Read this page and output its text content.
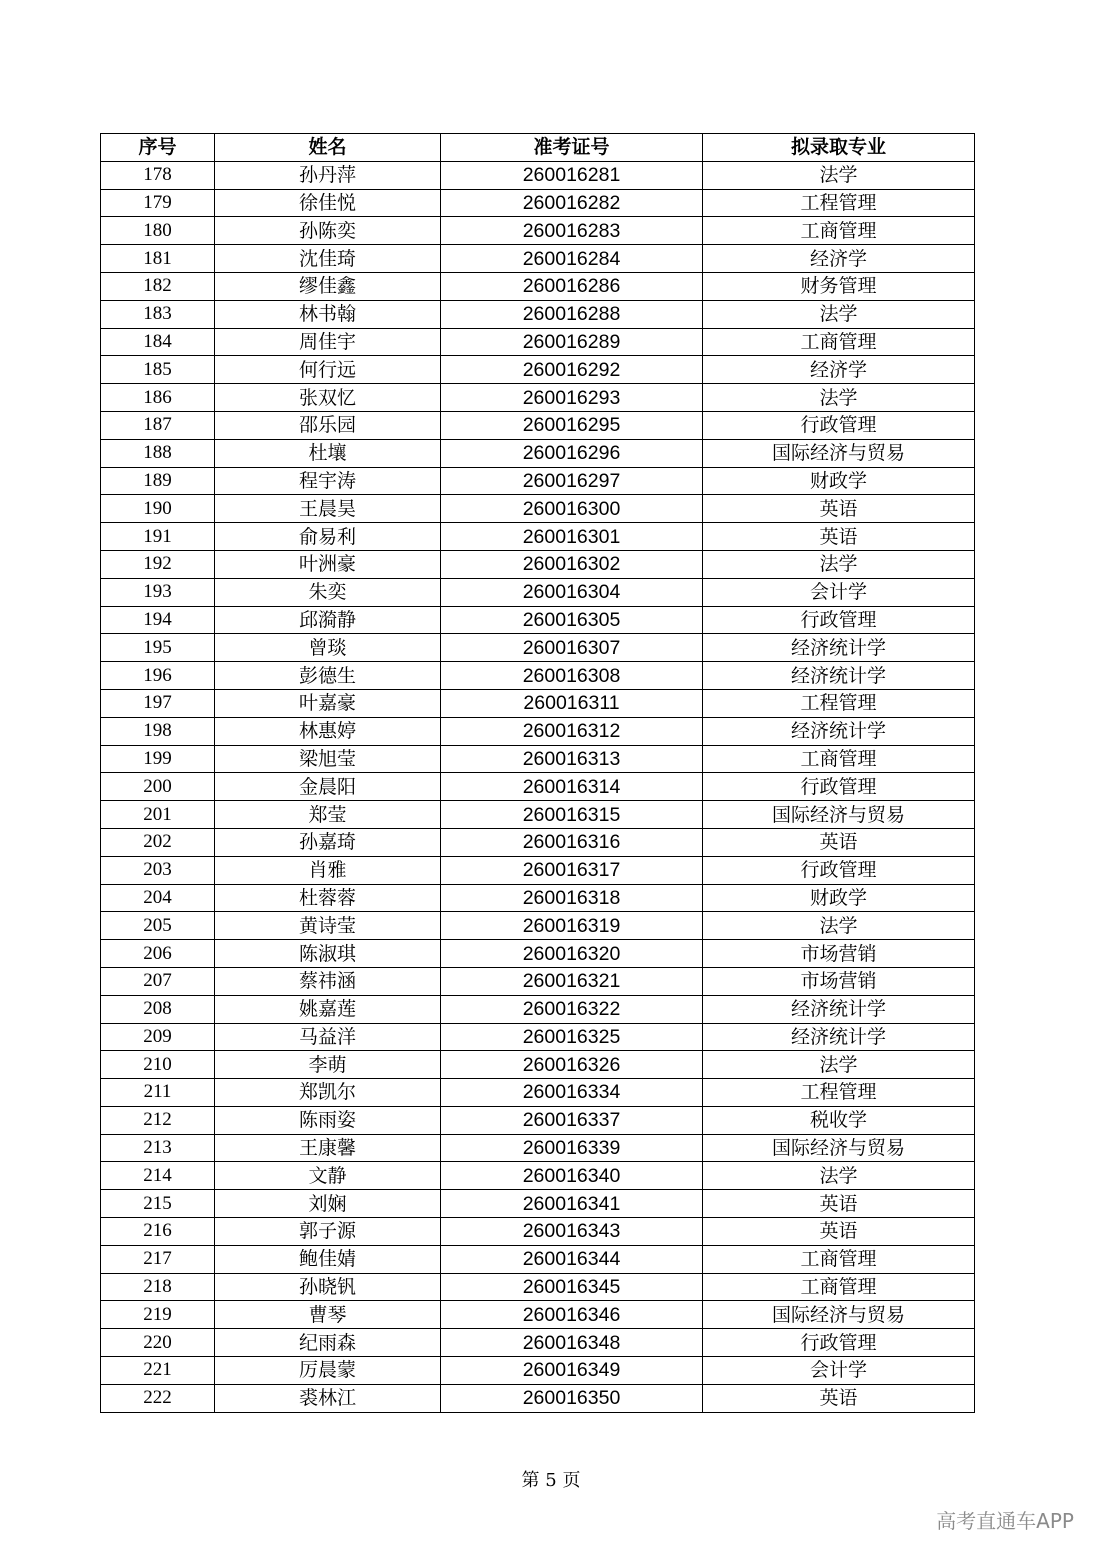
序号	姓名	准考证号	拟录取专业
178	孙丹萍	260016281	法学
179	徐佳悦	260016282	工程管理
180	孙陈奕	260016283	工商管理
181	沈佳琦	260016284	经济学
182	缪佳鑫	260016286	财务管理
183	林书翰	260016288	法学
184	周佳宇	260016289	工商管理
185	何行远	260016292	经济学
186	张双忆	260016293	法学
187	邵乐园	260016295	行政管理
188	杜壤	260016296	国际经济与贸易
189	程宇涛	260016297	财政学
190	王晨昊	260016300	英语
191	俞易利	260016301	英语
192	叶洲豪	260016302	法学
193	朱奕	260016304	会计学
194	邱漪静	260016305	行政管理
195	曾琰	260016307	经济统计学
196	彭德生	260016308	经济统计学
197	叶嘉豪	260016311	工程管理
198	林惠婷	260016312	经济统计学
199	梁旭莹	260016313	工商管理
200	金晨阳	260016314	行政管理
201	郑莹	260016315	国际经济与贸易
202	孙嘉琦	260016316	英语
203	肖雅	260016317	行政管理
204	杜蓉蓉	260016318	财政学
205	黄诗莹	260016319	法学
206	陈淑琪	260016320	市场营销
207	蔡祎涵	260016321	市场营销
208	姚嘉莲	260016322	经济统计学
209	马益洋	260016325	经济统计学
210	李萌	260016326	法学
211	郑凯尔	260016334	工程管理
212	陈雨姿	260016337	税收学
213	王康馨	260016339	国际经济与贸易
214	文静	260016340	法学
215	刘娴	260016341	英语
216	郭子源	260016343	英语
217	鲍佳婧	260016344	工商管理
218	孙晓钒	260016345	工商管理
219	曹琴	260016346	国际经济与贸易
220	纪雨森	260016348	行政管理
221	厉晨蒙	260016349	会计学
222	裘林江	260016350	英语
第 5 页
高考直通车APP
